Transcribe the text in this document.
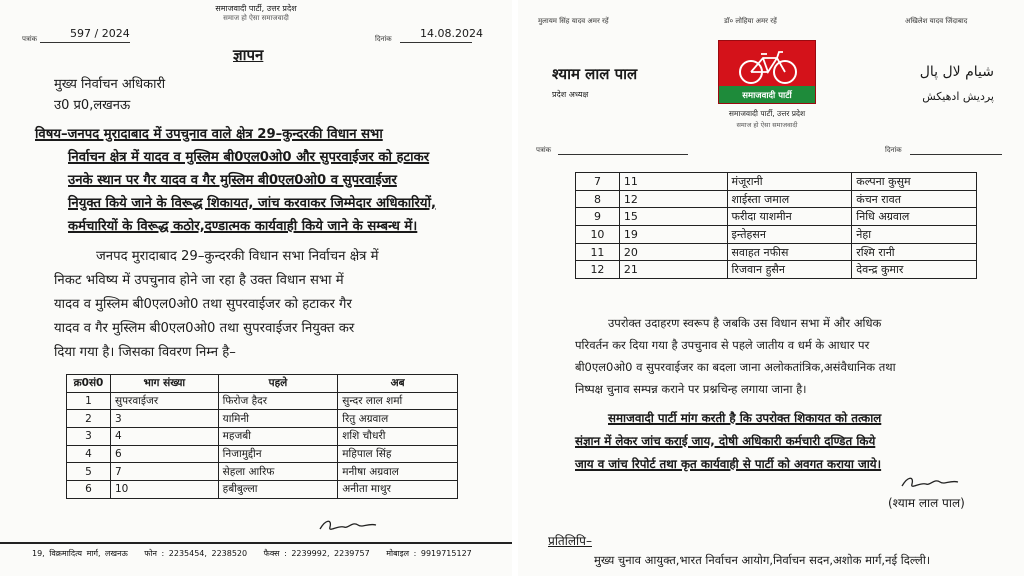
समाजवादी पार्टी, उत्तर प्रदेश
समाज हो ऐसा समाजवादी
पत्रांक	597 / 2024	दिनांक	14.08.2024
ज्ञापन
मुख्य निर्वाचन अधिकारी
उ0 प्र0,लखनऊ
विषय–जनपद मुरादाबाद में उपचुनाव वाले क्षेत्र 29–कुन्दरकी विधान सभा
निर्वाचन क्षेत्र में यादव व मुस्लिम बी0एल0ओ0 और सुपरवाईजर को हटाकर
उनके स्थान पर गैर यादव व गैर मुस्लिम बी0एल0ओ0 व सुपरवाईजर
नियुक्त किये जाने के विरूद्ध शिकायत, जांच करवाकर जिम्मेदार अधिकारियों,
कर्मचारियों के विरूद्ध कठोर,दण्डात्मक कार्यवाही किये जाने के सम्बन्ध में।
जनपद मुरादाबाद 29–कुन्दरकी विधान सभा निर्वाचन क्षेत्र में
निकट भविष्य में उपचुनाव होने जा रहा है उक्त विधान सभा में
यादव व मुस्लिम बी0एल0ओ0 तथा सुपरवाईजर को हटाकर गैर
यादव व गैर मुस्लिम बी0एल0ओ0 तथा सुपरवाईजर नियुक्त कर
दिया गया है। जिसका विवरण निम्न है–
क्र0सं0	भाग संख्या	पहले	अब
1	सुपरवाईजर	फिरोज हैदर	सुन्दर लाल शर्मा
2	3	यामिनी	रितु अग्रवाल
3	4	महजबी	शशि चौधरी
4	6	निजामुद्दीन	महिपाल सिंह
5	7	सेहला आरिफ	मनीषा अग्रवाल
6	10	हबीबुल्ला	अनीता माथुर
19, विक्रमादित्य मार्ग, लखनऊ फोन : 2235454, 2238520 फैक्स : 2239992, 2239757 मोबाइल : 9919715127
मुलायम सिंह यादव अमर रहें	डॉ० लोहिया अमर रहें	अखिलेश यादव जिंदाबाद
श्याम लाल पाल
प्रदेश अध्यक्ष
شیام لال پال
پردیش ادھیکش
समाजवादी पार्टी
समाजवादी पार्टी, उत्तर प्रदेश
समाज हो ऐसा समाजवादी
पत्रांक	दिनांक
7	11	मंजूरानी	कल्पना कुसुम
8	12	शाईस्ता जमाल	कंचन रावत
9	15	फरीदा याशमीन	निधि अग्रवाल
10	19	इन्तेहसन	नेहा
11	20	सवाहत नफीस	रश्मि रानी
12	21	रिजवान हुसैन	देवन्द्र कुमार
उपरोक्त उदाहरण स्वरूप है जबकि उस विधान सभा में और अधिक
परिवर्तन कर दिया गया है उपचुनाव से पहले जातीय व धर्म के आधार पर
बी0एल0ओ0 व सुपरवाईजर का बदला जाना अलोकतांत्रिक,असंवैधानिक तथा
निष्पक्ष चुनाव सम्पन्न कराने पर प्रश्नचिन्ह लगाया जाना है।
समाजवादी पार्टी मांग करती है कि उपरोक्त शिकायत को तत्काल
संज्ञान में लेकर जांच कराई जाय, दोषी अधिकारी कर्मचारी दण्डित किये
जाय व जांच रिपोर्ट तथा कृत कार्यवाही से पार्टी को अवगत कराया जाये।
(श्याम लाल पाल)
प्रतिलिपि–
मुख्य चुनाव आयुक्त,भारत निर्वाचन आयोग,निर्वाचन सदन,अशोक मार्ग,नई दिल्ली।
